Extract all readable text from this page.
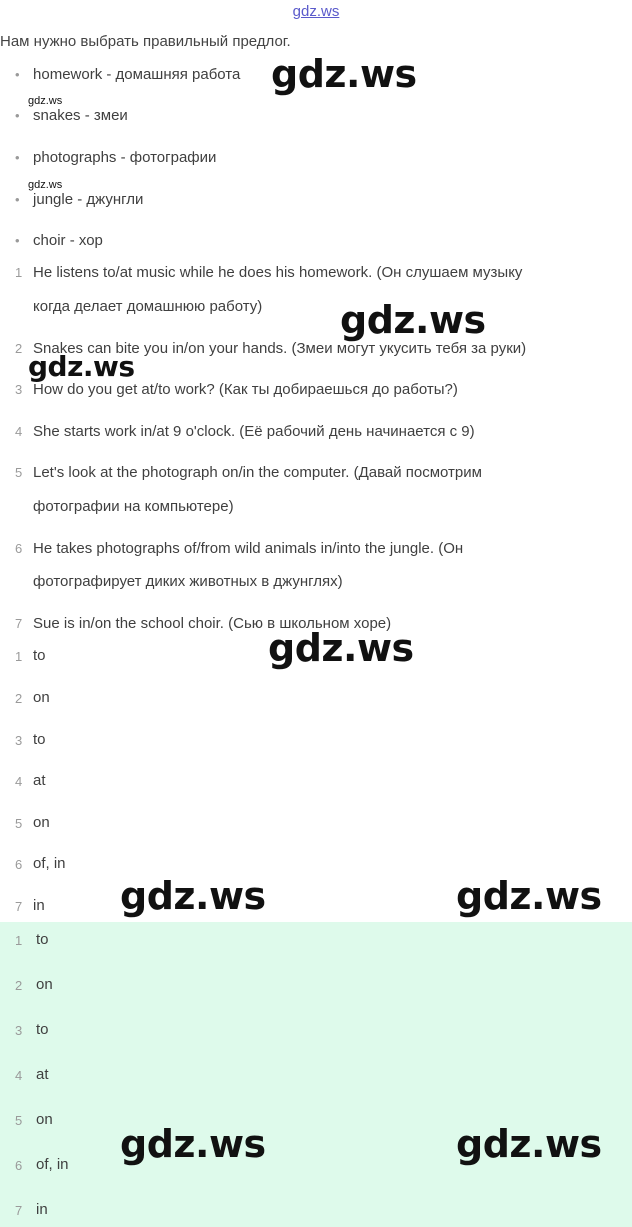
gdz.ws
Нам нужно выбрать правильный предлог.
• homework - домашняя работа
• snakes - змеи
• photographs - фотографии
• jungle - джунгли
• choir - хор
1 He listens to/at music while he does his homework. (Он слушаем музыку
когда делает домашнюю работу)
2 Snakes can bite you in/on your hands. (Змеи могут укусить тебя за руки)
3 How do you get at/to work? (Как ты добираешься до работы?)
4 She starts work in/at 9 o'clock. (Её рабочий день начинается с 9)
5 Let's look at the photograph on/in the computer. (Давай посмотрим
фотографии на компьютере)
6 He takes photographs of/from wild animals in/into the jungle. (Он
фотографирует диких животных в джунглях)
7 Sue is in/on the school choir. (Сью в школьном хоре)
1 to
2 on
3 to
4 at
5 on
6 of, in
7 in
1 to
2 on
3 to
4 at
5 on
6 of, in
7 in
gdz.ws
gdz.ws
gdz.ws
gdz.ws
gdz.ws
gdz.ws
gdz.ws	gdz.ws
gdz.ws	gdz.ws
